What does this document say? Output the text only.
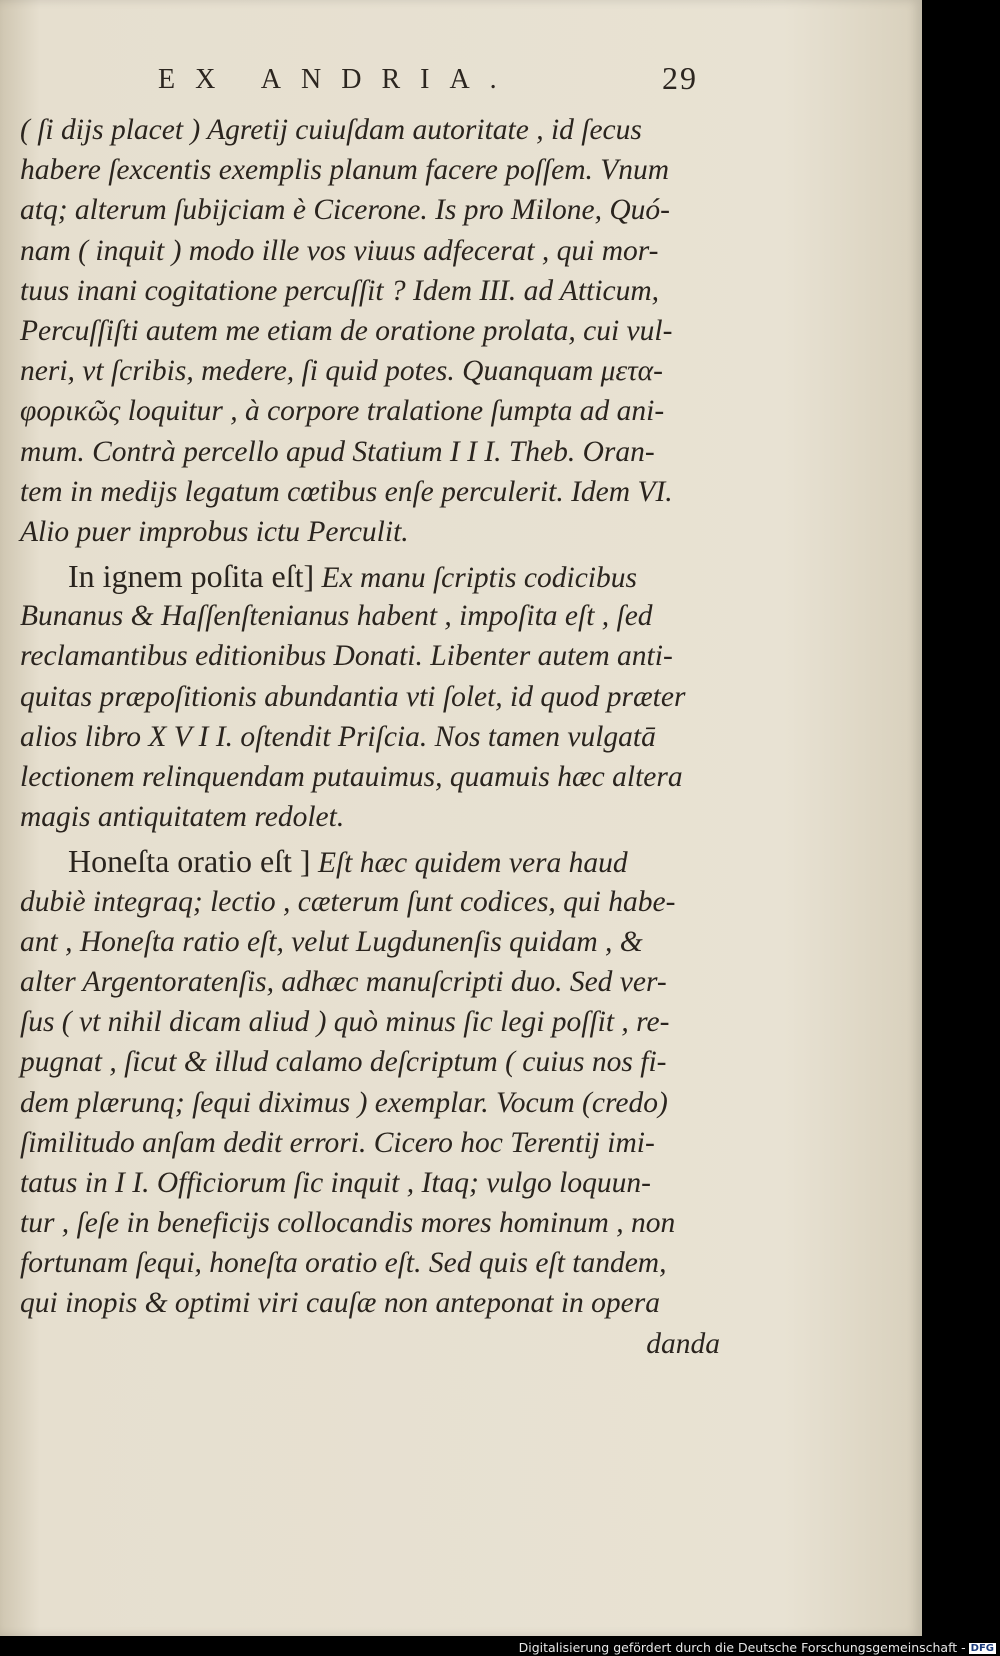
EX ANDRIA.	29
( ſi dijs placet ) Agretij cuiuſdam autoritate , id ſecus
habere ſexcentis exemplis planum facere poſſem. Vnum
atq; alterum ſubijciam è Cicerone. Is pro Milone, Quó-
nam ( inquit ) modo ille vos viuus adfecerat , qui mor-
tuus inani cogitatione percuſſit ? Idem III. ad Atticum,
Percuſſiſti autem me etiam de oratione prolata, cui vul-
neri, vt ſcribis, medere, ſi quid potes. Quanquam μετα-
φορικῶς loquitur , à corpore tralatione ſumpta ad ani-
mum. Contrà percello apud Statium I I I. Theb. Oran-
tem in medijs legatum cœtibus enſe perculerit. Idem VI.
Alio puer improbus ictu Perculit.
In ignem poſita eſt] Ex manu ſcriptis codicibus
Bunanus & Haſſenſtenianus habent , impoſita eſt , ſed
reclamantibus editionibus Donati. Libenter autem anti-
quitas præpoſitionis abundantia vti ſolet, id quod præter
alios libro X V I I. oſtendit Priſcia. Nos tamen vulgatā
lectionem relinquendam putauimus, quamuis hæc altera
magis antiquitatem redolet.
Honeſta oratio eſt ] Eſt hæc quidem vera haud
dubiè integraq; lectio , cæterum ſunt codices, qui habe-
ant , Honeſta ratio eſt, velut Lugdunenſis quidam , &
alter Argentoratenſis, adhæc manuſcripti duo. Sed ver-
ſus ( vt nihil dicam aliud ) quò minus ſic legi poſſit , re-
pugnat , ſicut & illud calamo deſcriptum ( cuius nos fi-
dem plærunq; ſequi diximus ) exemplar. Vocum (credo)
ſimilitudo anſam dedit errori. Cicero hoc Terentij imi-
tatus in I I. Officiorum ſic inquit , Itaq; vulgo loquun-
tur , ſeſe in beneficijs collocandis mores hominum , non
fortunam ſequi, honeſta oratio eſt. Sed quis eſt tandem,
qui inopis & optimi viri cauſæ non anteponat in opera
danda
Digitalisierung gefördert durch die Deutsche Forschungsgemeinschaft - DFG
